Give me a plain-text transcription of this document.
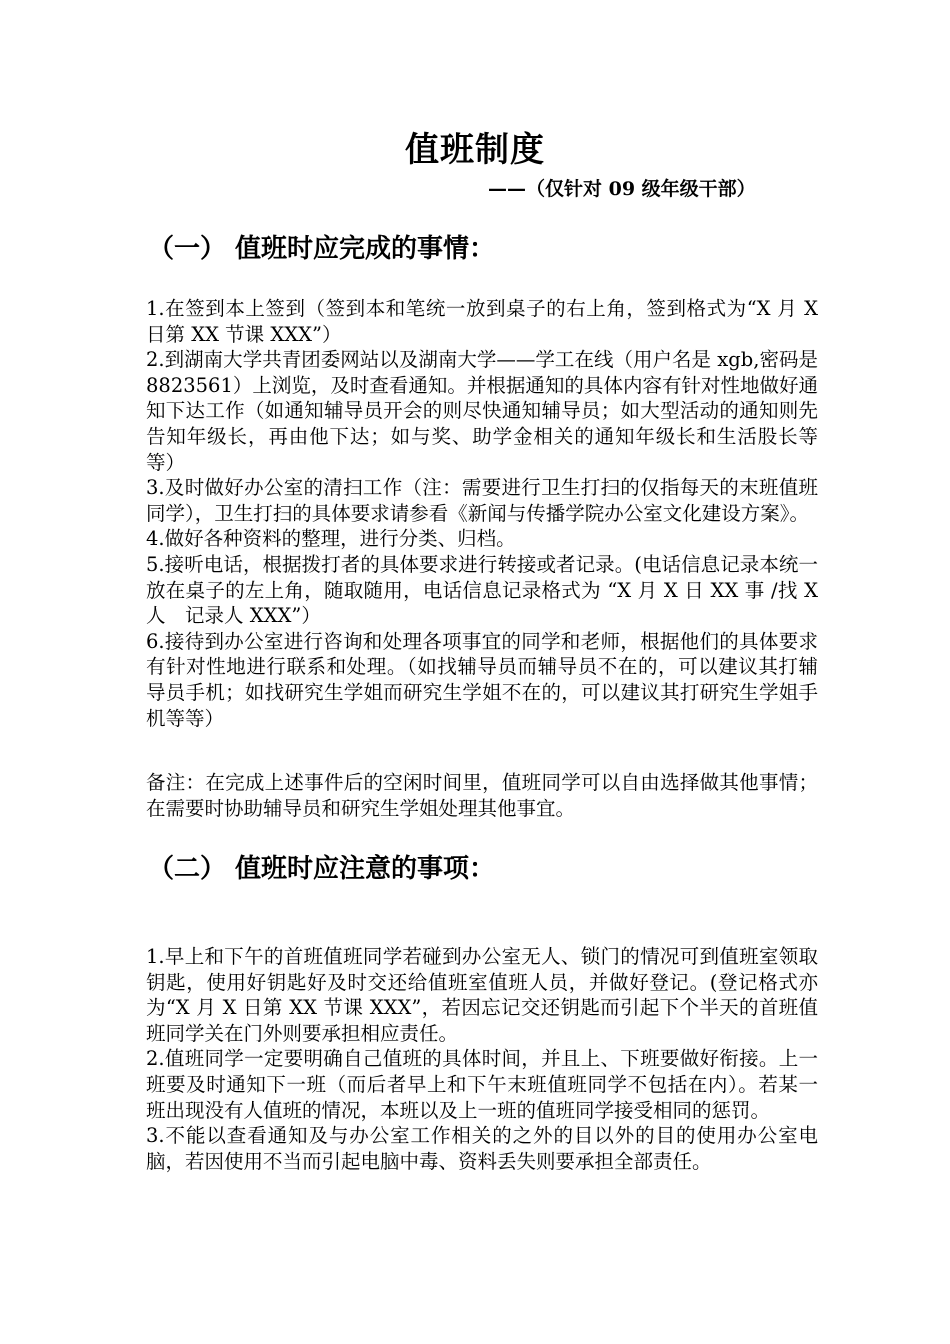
值班制度
——（仅针对 09 级年级干部）
（一） 值班时应完成的事情：

1.在签到本上签到（签到本和笔统一放到桌子的右上角，签到格式为“X 月 X 日第 XX 节课 XXX”）

2.到湖南大学共青团委网站以及湖南大学——学工在线（用户名是 xgb,密码是 8823561）上浏览，及时查看通知。并根据通知的具体内容有针对性地做好通知下达工作（如通知辅导员开会的则尽快通知辅导员；如大型活动的通知则先告知年级长，再由他下达；如与奖、助学金相关的通知年级长和生活股长等等）

3.及时做好办公室的清扫工作（注：需要进行卫生打扫的仅指每天的末班值班同学），卫生打扫的具体要求请参看《新闻与传播学院办公室文化建设方案》。

4.做好各种资料的整理，进行分类、归档。

5.接听电话，根据拨打者的具体要求进行转接或者记录。(电话信息记录本统一放在桌子的左上角，随取随用，电话信息记录格式为 “X 月 X 日 XX 事 /找 X 人　记录人 XXX”）

6.接待到办公室进行咨询和处理各项事宜的同学和老师，根据他们的具体要求有针对性地进行联系和处理。（如找辅导员而辅导员不在的，可以建议其打辅导员手机；如找研究生学姐而研究生学姐不在的，可以建议其打研究生学姐手机等等）

备注：在完成上述事件后的空闲时间里，值班同学可以自由选择做其他事情；在需要时协助辅导员和研究生学姐处理其他事宜。

（二） 值班时应注意的事项：

1.早上和下午的首班值班同学若碰到办公室无人、锁门的情况可到值班室领取钥匙，使用好钥匙好及时交还给值班室值班人员，并做好登记。(登记格式亦为“X 月 X 日第 XX 节课 XXX”，若因忘记交还钥匙而引起下个半天的首班值班同学关在门外则要承担相应责任。

2.值班同学一定要明确自己值班的具体时间，并且上、下班要做好衔接。上一班要及时通知下一班（而后者早上和下午末班值班同学不包括在内）。若某一班出现没有人值班的情况，本班以及上一班的值班同学接受相同的惩罚。

3.不能以查看通知及与办公室工作相关的之外的目以外的目的使用办公室电脑，若因使用不当而引起电脑中毒、资料丢失则要承担全部责任。
